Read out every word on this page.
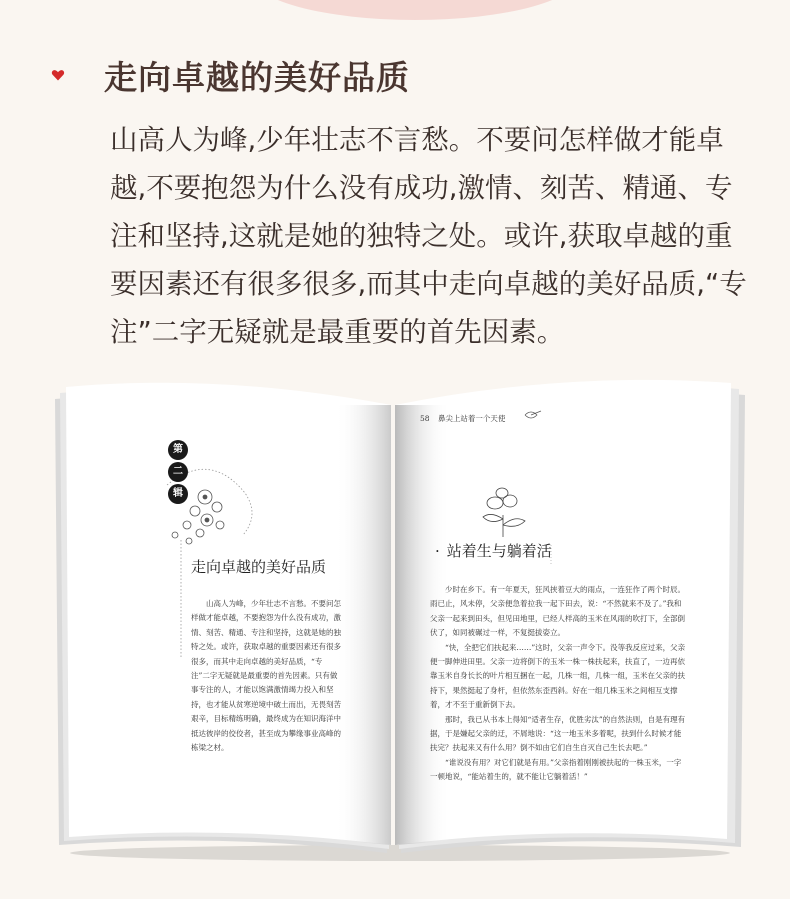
走向卓越的美好品质

山高人为峰,少年壮志不言愁。不要问怎样做才能卓越,不要抱怨为什么没有成功,激情、刻苦、精通、专注和坚持,这就是她的独特之处。或许,获取卓越的重要因素还有很多很多,而其中走向卓越的美好品质,“专注”二字无疑就是最重要的首先因素。

第
二
辑
走向卓越的美好品质

山高人为峰，少年壮志不言愁。不要问怎样做才能卓越，不要抱怨为什么没有成功，激情、刻苦、精通、专注和坚持，这就是她的独特之处。或许，获取卓越的重要因素还有很多很多，而其中走向卓越的美好品质，“专注”二字无疑就是最重要的首先因素。只有做事专注的人，才能以饱满激情竭力投入和坚持，也才能从贫寒逆境中破土而出，无畏刻苦艰辛，目标精练明确，最终成为在知识海洋中抵达彼岸的佼佼者，甚至成为攀缘事业高峰的栋梁之材。

58 鼻尖上站着一个天使
· 站着生与躺着活

少时在乡下。有一年夏天，狂风挟着豆大的雨点，一连狂作了两个时辰。雨已止，风未停，父亲便急着拉我一起下田去，说：“不然就来不及了。”我和父亲一起来到田头，但见田地里，已经人样高的玉米在风雨的吹打下，全部倒伏了，如同被碾过一样，不复挺拔姿立。

“快，全把它们扶起来……”这时，父亲一声令下。没等我反应过来，父亲便一脚伸进田里。父亲一边将倒下的玉米一株一株扶起来，扶直了，一边再依靠玉米自身长长的叶片相互捆在一起，几株一组，几株一组，玉米在父亲的扶持下，果然挺起了身杆，但依然东歪西斜。好在一组几株玉米之间相互支撑着，才不至于重新倒下去。

那时，我已从书本上得知“适者生存，优胜劣汰”的自然法则，自是有理有据，于是嫌起父亲的迂，不屑地说：“这一地玉米多着呢，扶到什么时候才能扶完？扶起来又有什么用？倒不如由它们自生自灭自己生长去吧。”

“谁说没有用？对它们就是有用。”父亲指着刚刚被扶起的一株玉米，一字一顿地说，“能站着生的，就不能让它躺着活！”
